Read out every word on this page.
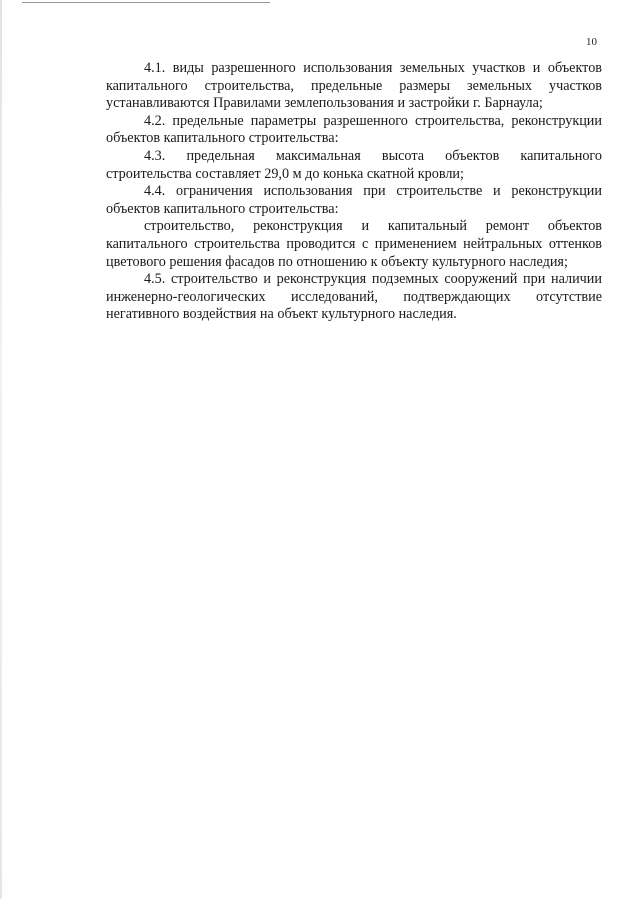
10

4.1. виды разрешенного использования земельных участков и объектов капитального строительства, предельные размеры земельных участков устанавливаются Правилами землепользования и застройки г. Барнаула;

4.2. предельные параметры разрешенного строительства, реконструкции объектов капитального строительства:

4.3. предельная максимальная высота объектов капитального строительства составляет 29,0 м до конька скатной кровли;

4.4. ограничения использования при строительстве и реконструкции объектов капитального строительства:

строительство, реконструкция и капитальный ремонт объектов капитального строительства проводится с применением нейтральных оттенков цветового решения фасадов по отношению к объекту культурного наследия;

4.5. строительство и реконструкция подземных сооружений при наличии инженерно-геологических исследований, подтверждающих отсутствие негативного воздействия на объект культурного наследия.
